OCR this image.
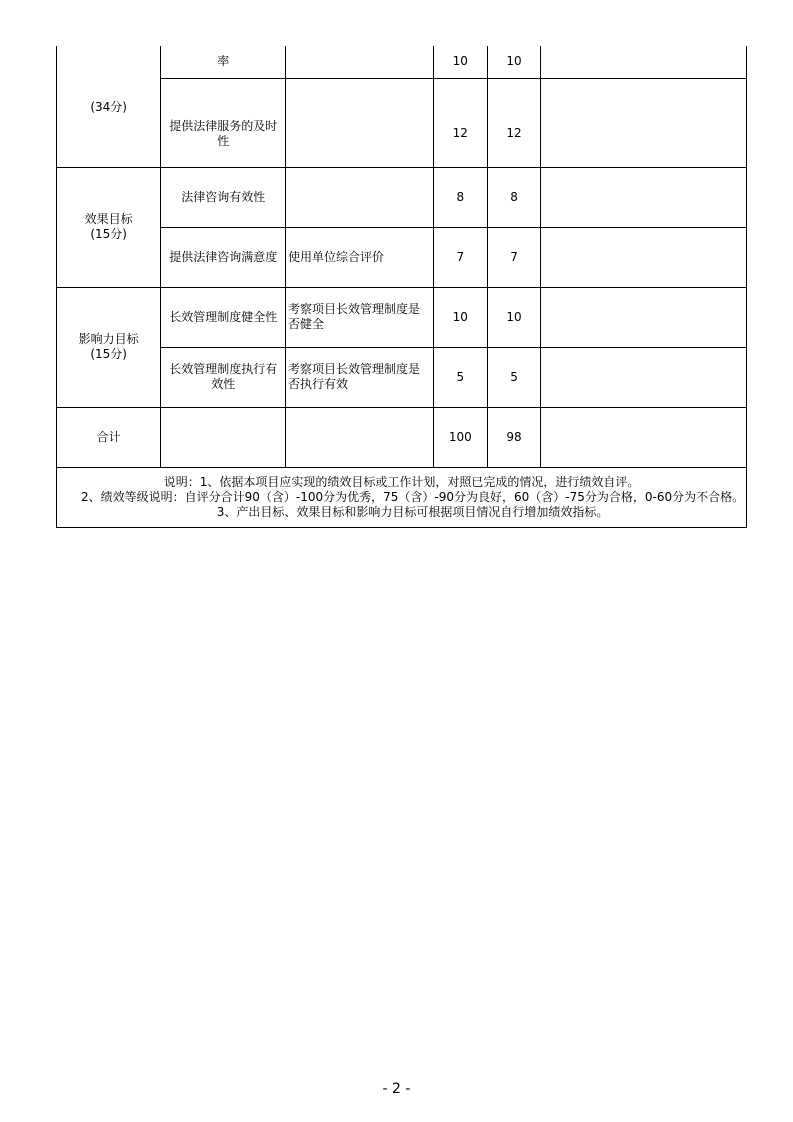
(34分)	率		10	10	
	提供法律服务的及时性		12	12	

效果目标
(15分)	法律咨询有效性		8	8	
	提供法律咨询满意度	使用单位综合评价	7	7	

影响力目标
(15分)	长效管理制度健全性	考察项目长效管理制度是否健全	10	10	
	长效管理制度执行有效性	考察项目长效管理制度是否执行有效	5	5	
合计			100	98	

说明：1、依据本项目应实现的绩效目标或工作计划，对照已完成的情况，进行绩效自评。
2、绩效等级说明：自评分合计90（含）-100分为优秀，75（含）-90分为良好，60（含）-75分为合格，0-60分为不合格。
3、产出目标、效果目标和影响力目标可根据项目情况自行增加绩效指标。					
- 2 -
